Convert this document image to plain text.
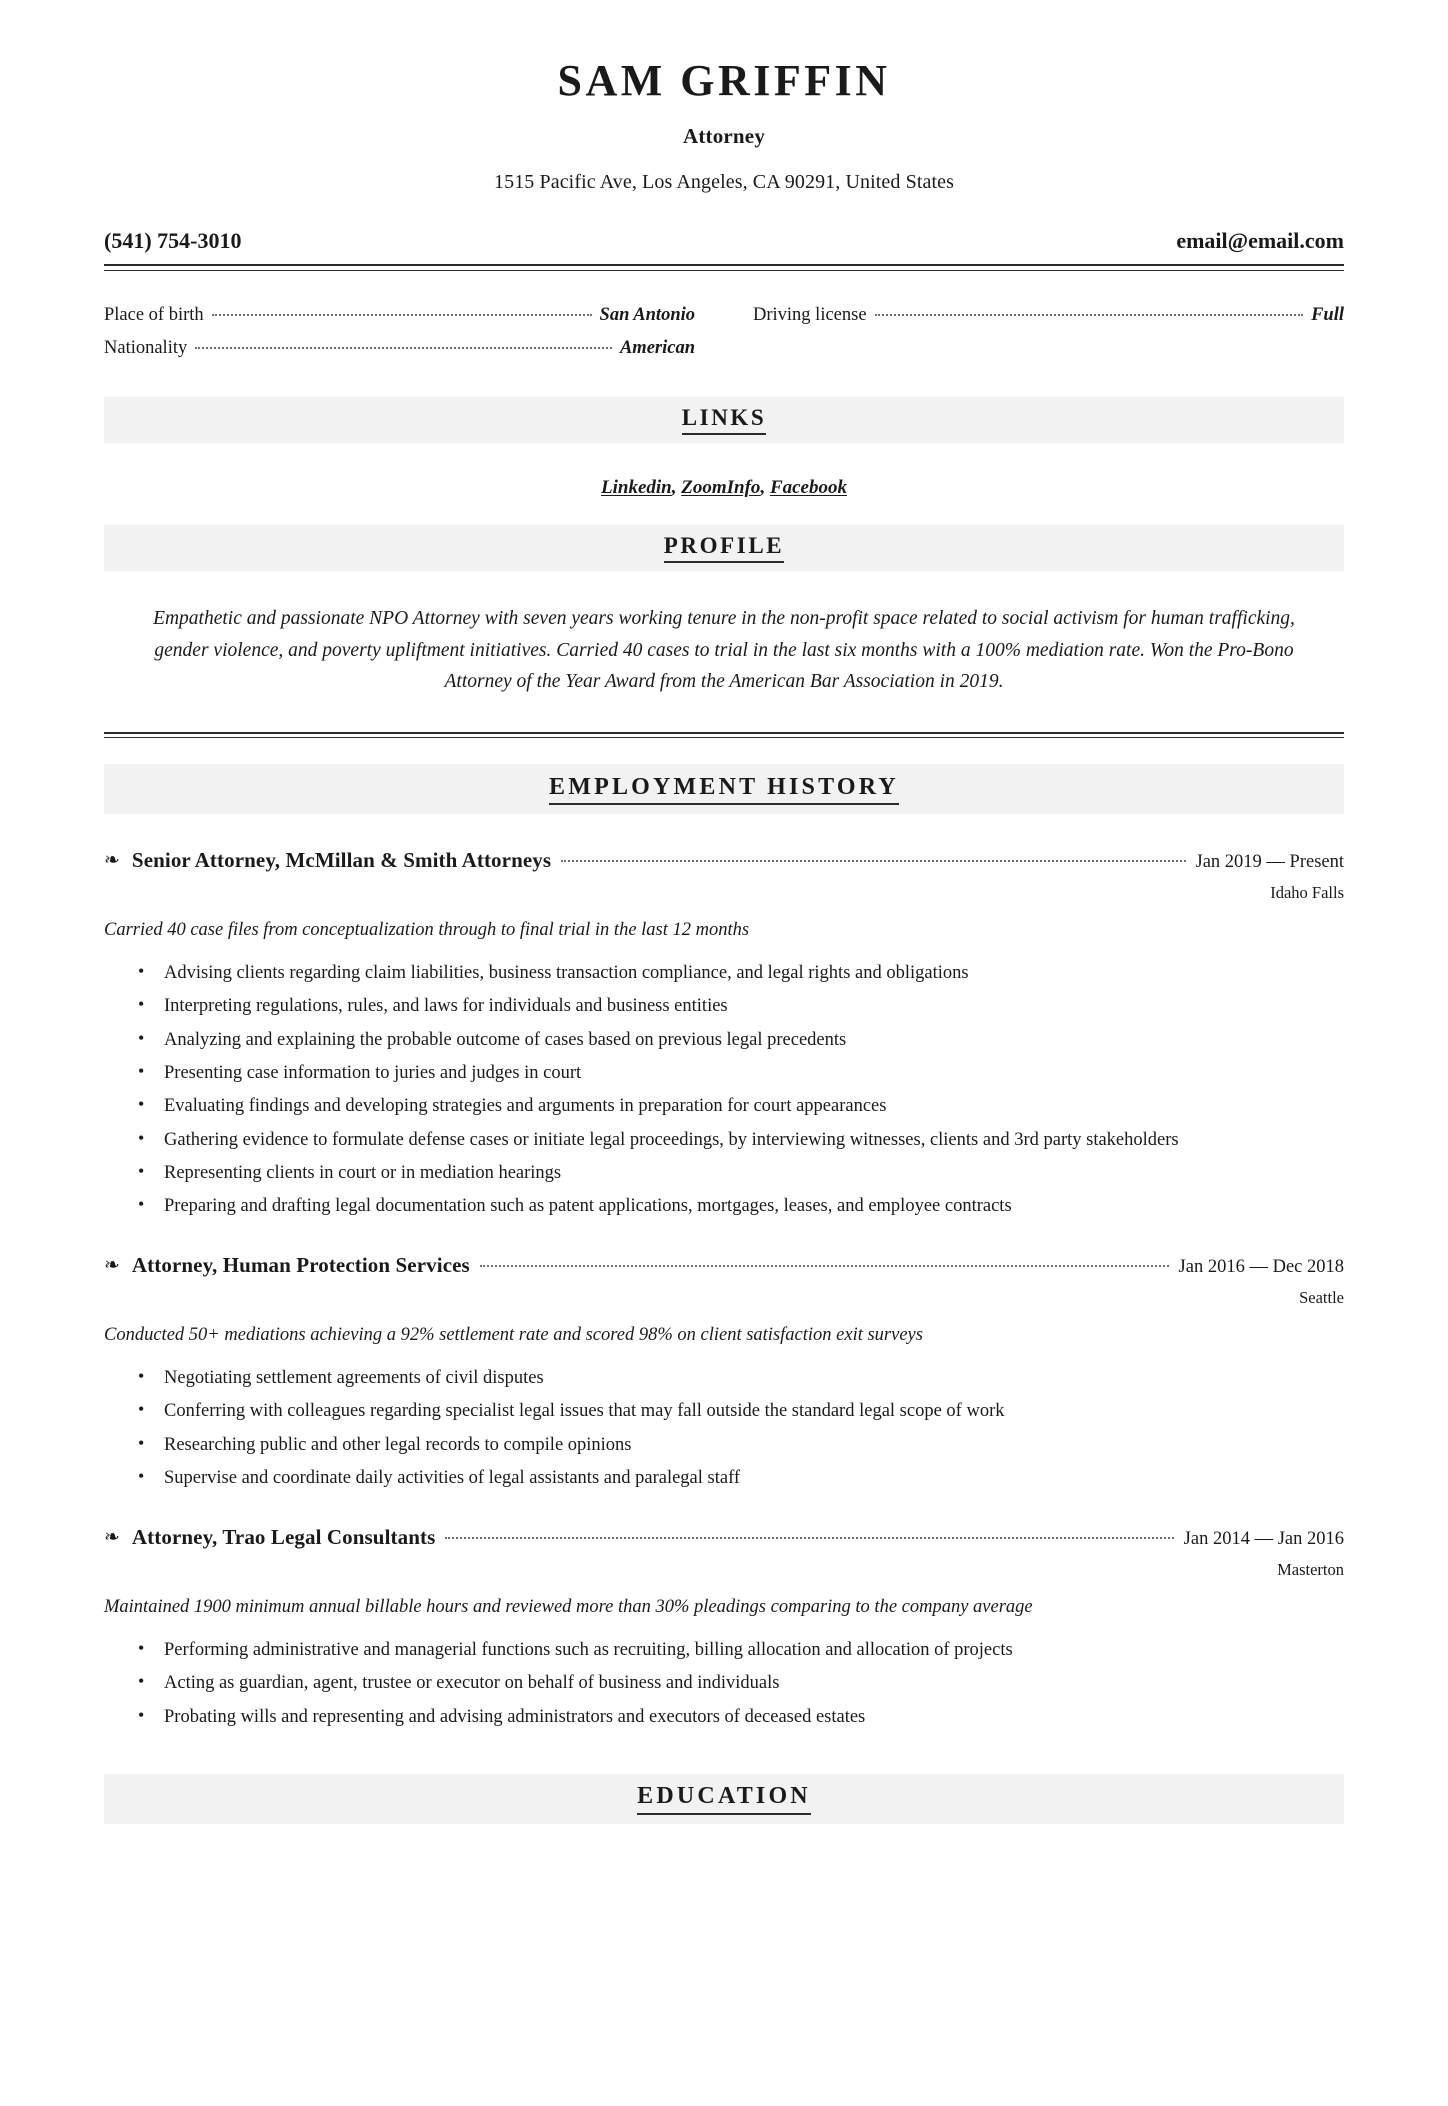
SAM GRIFFIN
Attorney
1515 Pacific Ave, Los Angeles, CA 90291, United States
(541) 754-3010	email@email.com
Place of birth	San Antonio
Nationality	American
Driving license	Full
LINKS
Linkedin, ZoomInfo, Facebook
PROFILE
Empathetic and passionate NPO Attorney with seven years working tenure in the non-profit space related to social activism for human trafficking, gender violence, and poverty upliftment initiatives. Carried 40 cases to trial in the last six months with a 100% mediation rate. Won the Pro-Bono Attorney of the Year Award from the American Bar Association in 2019.
EMPLOYMENT HISTORY
❧ Senior Attorney, McMillan & Smith Attorneys	Jan 2019 — Present
Idaho Falls
Carried 40 case files from conceptualization through to final trial in the last 12 months
• Advising clients regarding claim liabilities, business transaction compliance, and legal rights and obligations
• Interpreting regulations, rules, and laws for individuals and business entities
• Analyzing and explaining the probable outcome of cases based on previous legal precedents
• Presenting case information to juries and judges in court
• Evaluating findings and developing strategies and arguments in preparation for court appearances
• Gathering evidence to formulate defense cases or initiate legal proceedings, by interviewing witnesses, clients and 3rd party stakeholders
• Representing clients in court or in mediation hearings
• Preparing and drafting legal documentation such as patent applications, mortgages, leases, and employee contracts
❧ Attorney, Human Protection Services	Jan 2016 — Dec 2018
Seattle
Conducted 50+ mediations achieving a 92% settlement rate and scored 98% on client satisfaction exit surveys
• Negotiating settlement agreements of civil disputes
• Conferring with colleagues regarding specialist legal issues that may fall outside the standard legal scope of work
• Researching public and other legal records to compile opinions
• Supervise and coordinate daily activities of legal assistants and paralegal staff
❧ Attorney, Trao Legal Consultants	Jan 2014 — Jan 2016
Masterton
Maintained 1900 minimum annual billable hours and reviewed more than 30% pleadings comparing to the company average
• Performing administrative and managerial functions such as recruiting, billing allocation and allocation of projects
• Acting as guardian, agent, trustee or executor on behalf of business and individuals
• Probating wills and representing and advising administrators and executors of deceased estates
EDUCATION
